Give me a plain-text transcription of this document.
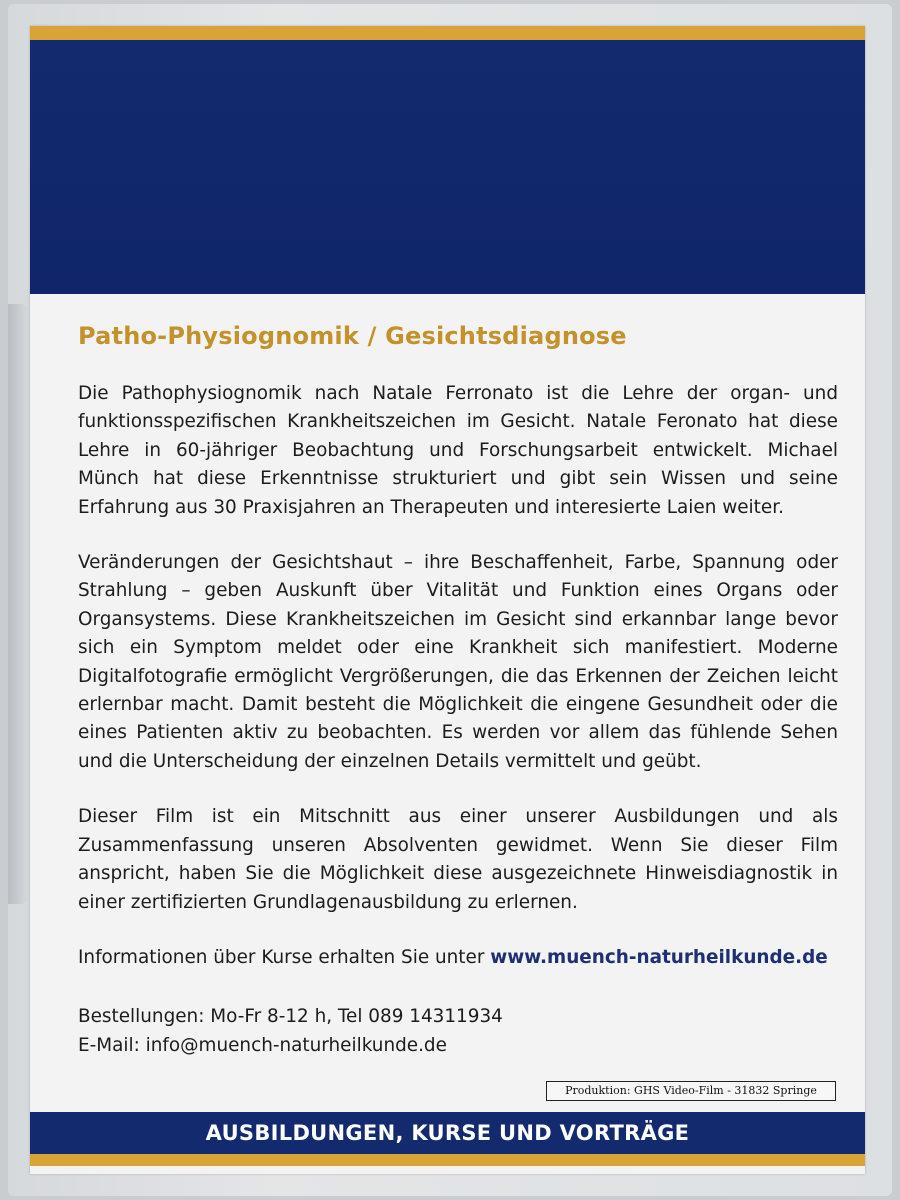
Patho-Physiognomik / Gesichtsdiagnose

Die Pathophysiognomik nach Natale Ferronato ist die Lehre der organ- und funktionsspezifischen Krankheitszeichen im Gesicht. Natale Feronato hat diese Lehre in 60-jähriger Beobachtung und Forschungsarbeit entwickelt. Michael Münch hat diese Erkenntnisse strukturiert und gibt sein Wissen und seine Erfahrung aus 30 Praxisjahren an Therapeuten und interesierte Laien weiter.

Veränderungen der Gesichtshaut – ihre Beschaffenheit, Farbe, Spannung oder Strahlung – geben Auskunft über Vitalität und Funktion eines Organs oder Organsystems. Diese Krankheitszeichen im Gesicht sind erkannbar lange bevor sich ein Symptom meldet oder eine Krankheit sich manifestiert. Moderne Digitalfotografie ermöglicht Vergrößerungen, die das Erkennen der Zeichen leicht erlernbar macht. Damit besteht die Möglichkeit die eingene Gesundheit oder die eines Patienten aktiv zu beobachten. Es werden vor allem das fühlende Sehen und die Unterscheidung der einzelnen Details vermittelt und geübt.

Dieser Film ist ein Mitschnitt aus einer unserer Ausbildungen und als Zusammenfassung unseren Absolventen gewidmet. Wenn Sie dieser Film anspricht, haben Sie die Möglichkeit diese ausgezeichnete Hinweisdiagnostik in einer zertifizierten Grundlagenausbildung zu erlernen.

Informationen über Kurse erhalten Sie unter www.muench-naturheilkunde.de

Bestellungen: Mo-Fr 8-12 h, Tel 089 14311934
E-Mail: info@muench-naturheilkunde.de
Produktion: GHS Video-Film - 31832 Springe
AUSBILDUNGEN, KURSE UND VORTRÄGE
